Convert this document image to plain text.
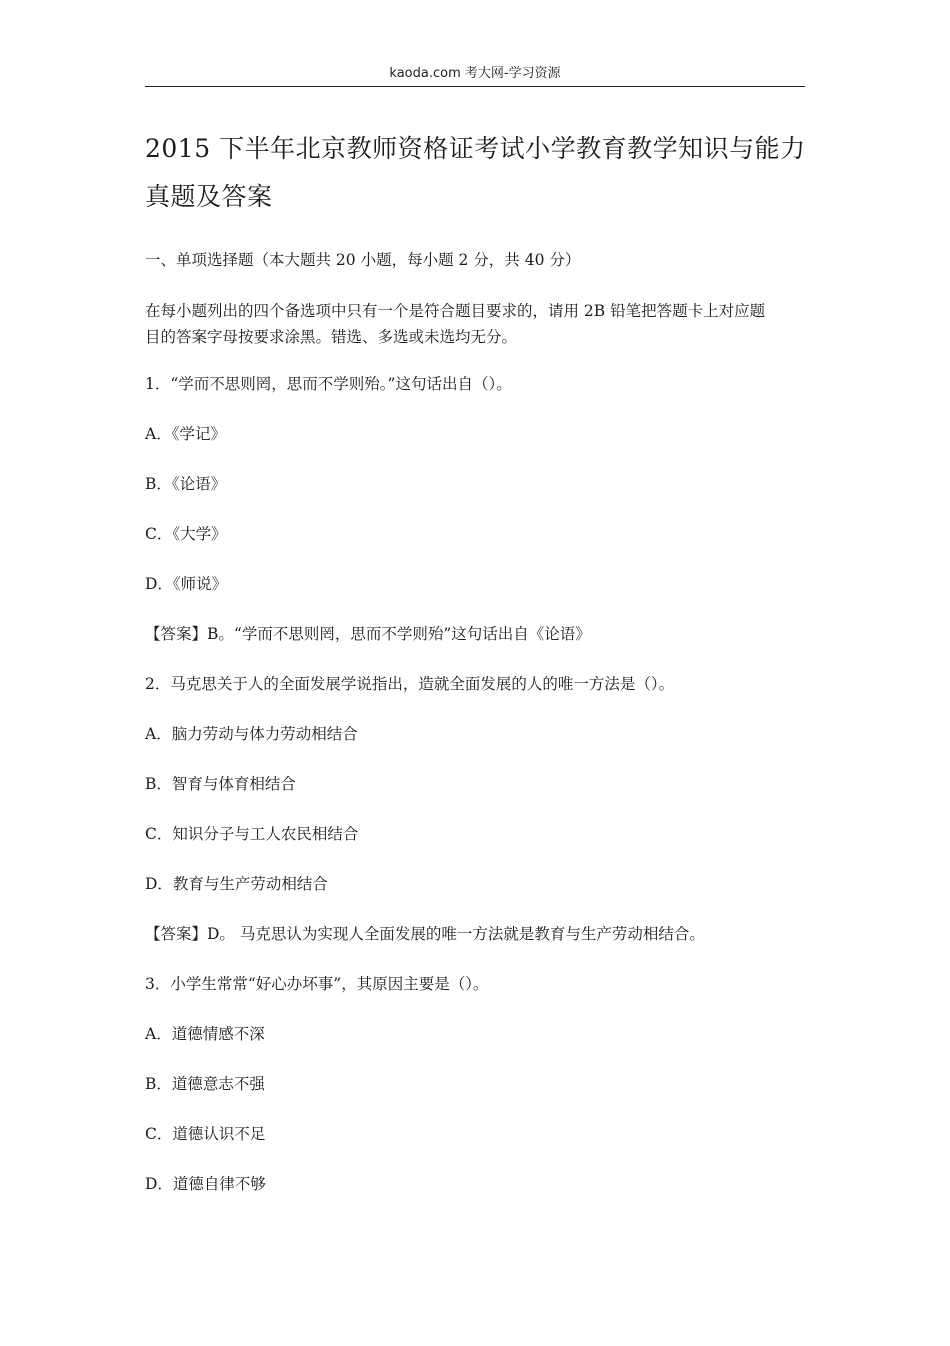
kaoda.com 考大网-学习资源
2015 下半年北京教师资格证考试小学教育教学知识与能力
真题及答案
一、单项选择题（本大题共 20 小题，每小题 2 分，共 40 分）
在每小题列出的四个备选项中只有一个是符合题目要求的，请用 2B 铅笔把答题卡上对应题
目的答案字母按要求涂黑。错选、多选或未选均无分。
1．“学而不思则罔，思而不学则殆。”这句话出自（）。
A．《学记》
B．《论语》
C．《大学》
D．《师说》
【答案】B。“学而不思则罔，思而不学则殆”这句话出自《论语》
2．马克思关于人的全面发展学说指出，造就全面发展的人的唯一方法是（）。
A．脑力劳动与体力劳动相结合
B．智育与体育相结合
C．知识分子与工人农民相结合
D．教育与生产劳动相结合
【答案】D。 马克思认为实现人全面发展的唯一方法就是教育与生产劳动相结合。
3．小学生常常“好心办坏事”，其原因主要是（）。
A．道德情感不深
B．道德意志不强
C．道德认识不足
D．道德自律不够
